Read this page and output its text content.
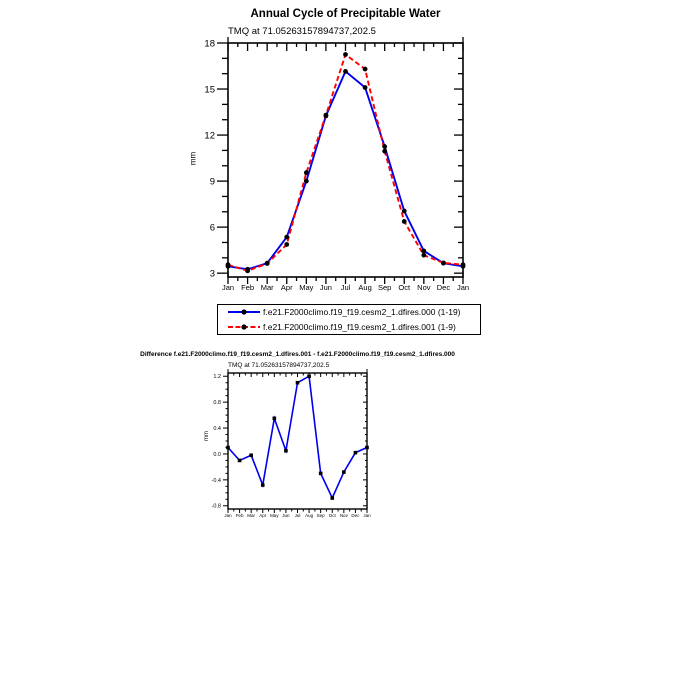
Annual Cycle of Precipitable Water
TMQ at 71.05263157894737,202.5
mm
3
6
9
12
15
18
Jan Feb Mar Apr May Jun Jul Aug Sep Oct Nov Dec Jan
-0.8
-0.4
0.0
0.4
0.8
1.2
Jan Feb Mar Apr May Jun Jul Aug Sep Oct Nov Dec Jan
f.e21.F2000climo.f19_f19.cesm2_1.dfires.000 (1-19)
f.e21.F2000climo.f19_f19.cesm2_1.dfires.001 (1-9)
Difference f.e21.F2000climo.f19_f19.cesm2_1.dfires.001 - f.e21.F2000climo.f19_f19.cesm2_1.dfires.000
TMQ at 71.05263157894737,202.5
mm
